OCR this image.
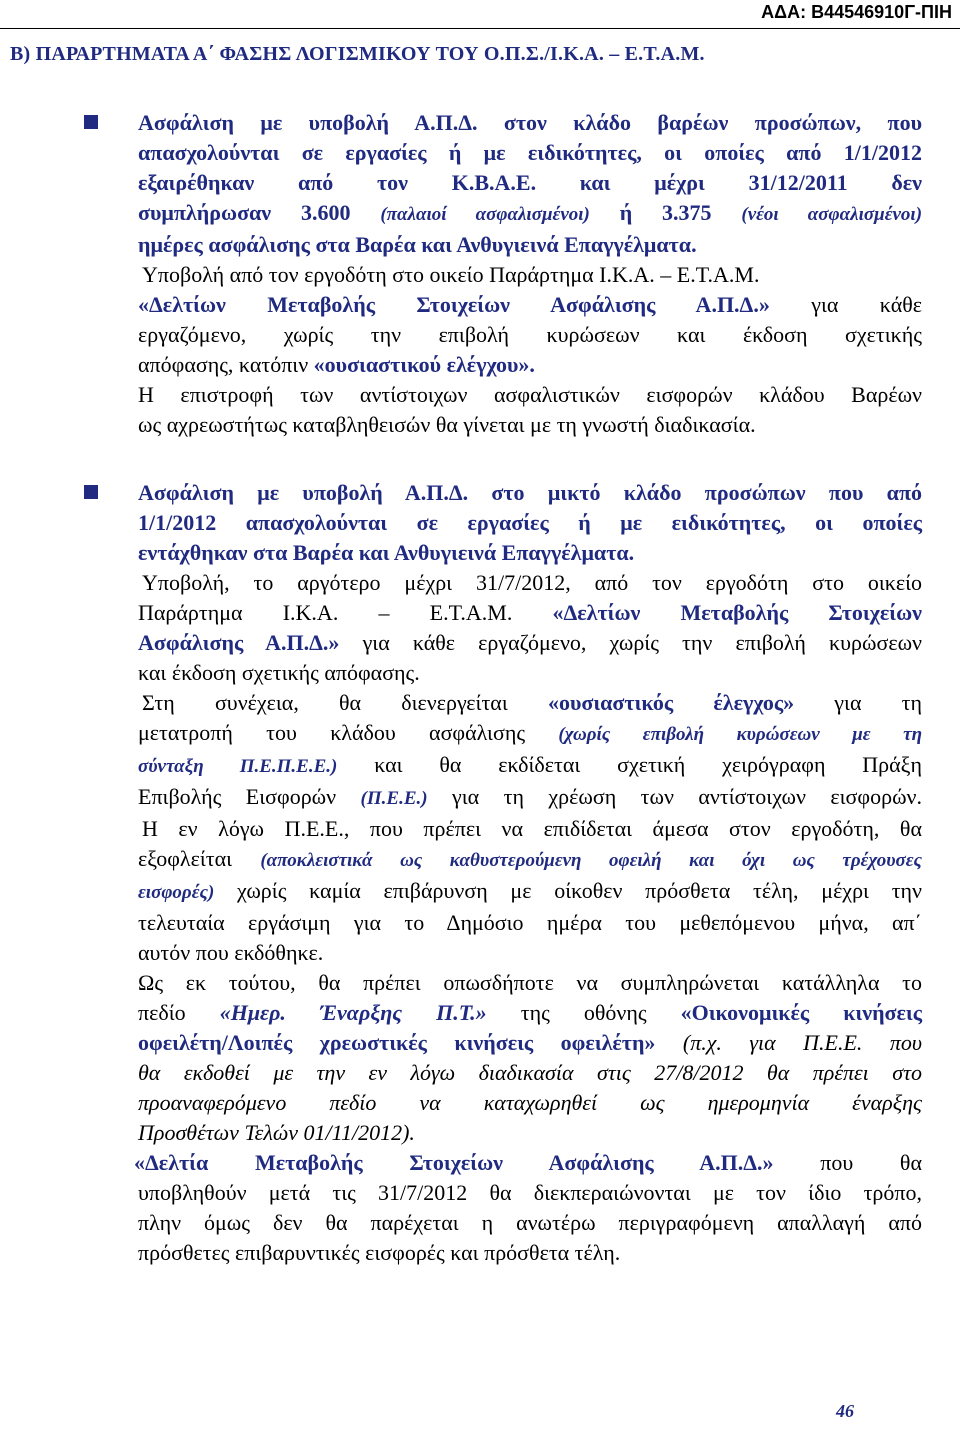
ΑΔΑ: Β44546910Γ-ΠΙΗ
B) ΠΑΡΑΡΤΗΜΑΤΑ Α΄ ΦΑΣΗΣ ΛΟΓΙΣΜΙΚΟΥ ΤΟΥ Ο.Π.Σ./Ι.Κ.Α. – Ε.Τ.Α.Μ.
Ασφάλιση με υποβολή Α.Π.Δ. στον κλάδο βαρέων προσώπων, που
απασχολούνται σε εργασίες ή με ειδικότητες, οι οποίες από 1/1/2012
εξαιρέθηκαν από τον Κ.Β.Α.Ε. και μέχρι 31/12/2011 δεν
συμπλήρωσαν 3.600 (παλαιοί ασφαλισμένοι) ή 3.375 (νέοι ασφαλισμένοι)
ημέρες ασφάλισης στα Βαρέα και Ανθυγιεινά Επαγγέλματα.
Υποβολή από τον εργοδότη στο οικείο Παράρτημα Ι.Κ.Α. – Ε.Τ.Α.Μ.
«Δελτίων Μεταβολής Στοιχείων Ασφάλισης Α.Π.Δ.» για κάθε
εργαζόμενο, χωρίς την επιβολή κυρώσεων και έκδοση σχετικής
απόφασης, κατόπιν «ουσιαστικού ελέγχου».
Η επιστροφή των αντίστοιχων ασφαλιστικών εισφορών κλάδου Βαρέων
ως αχρεωστήτως καταβληθεισών θα γίνεται με τη γνωστή διαδικασία.
Ασφάλιση με υποβολή Α.Π.Δ. στο μικτό κλάδο προσώπων που από
1/1/2012 απασχολούνται σε εργασίες ή με ειδικότητες, οι οποίες
εντάχθηκαν στα Βαρέα και Ανθυγιεινά Επαγγέλματα.
Υποβολή, το αργότερο μέχρι 31/7/2012, από τον εργοδότη στο οικείο
Παράρτημα Ι.Κ.Α. – Ε.Τ.Α.Μ. «Δελτίων Μεταβολής Στοιχείων
Ασφάλισης Α.Π.Δ.» για κάθε εργαζόμενο, χωρίς την επιβολή κυρώσεων
και έκδοση σχετικής απόφασης.
Στη συνέχεια, θα διενεργείται «ουσιαστικός έλεγχος» για τη
μετατροπή του κλάδου ασφάλισης (χωρίς επιβολή κυρώσεων με τη
σύνταξη Π.Ε.Π.Ε.Ε.) και θα εκδίδεται σχετική χειρόγραφη Πράξη
Επιβολής Εισφορών (Π.Ε.Ε.) για τη χρέωση των αντίστοιχων εισφορών.
Η εν λόγω Π.Ε.Ε., που πρέπει να επιδίδεται άμεσα στον εργοδότη, θα
εξοφλείται (αποκλειστικά ως καθυστερούμενη οφειλή και όχι ως τρέχουσες
εισφορές) χωρίς καμία επιβάρυνση με οίκοθεν πρόσθετα τέλη, μέχρι την
τελευταία εργάσιμη για το Δημόσιο ημέρα του μεθεπόμενου μήνα, απ΄
αυτόν που εκδόθηκε.
Ως εκ τούτου, θα πρέπει οπωσδήποτε να συμπληρώνεται κατάλληλα το
πεδίο «Ημερ. Έναρξης Π.Τ.» της οθόνης «Οικονομικές κινήσεις
οφειλέτη/Λοιπές χρεωστικές κινήσεις οφειλέτη» (π.χ. για Π.Ε.Ε. που
θα εκδοθεί με την εν λόγω διαδικασία στις 27/8/2012 θα πρέπει στο
προαναφερόμενο πεδίο να καταχωρηθεί ως ημερομηνία έναρξης
Προσθέτων Τελών 01/11/2012).
«Δελτία Μεταβολής Στοιχείων Ασφάλισης Α.Π.Δ.» που θα
υποβληθούν μετά τις 31/7/2012 θα διεκπεραιώνονται με τον ίδιο τρόπο,
πλην όμως δεν θα παρέχεται η ανωτέρω περιγραφόμενη απαλλαγή από
πρόσθετες επιβαρυντικές εισφορές και πρόσθετα τέλη.
46
